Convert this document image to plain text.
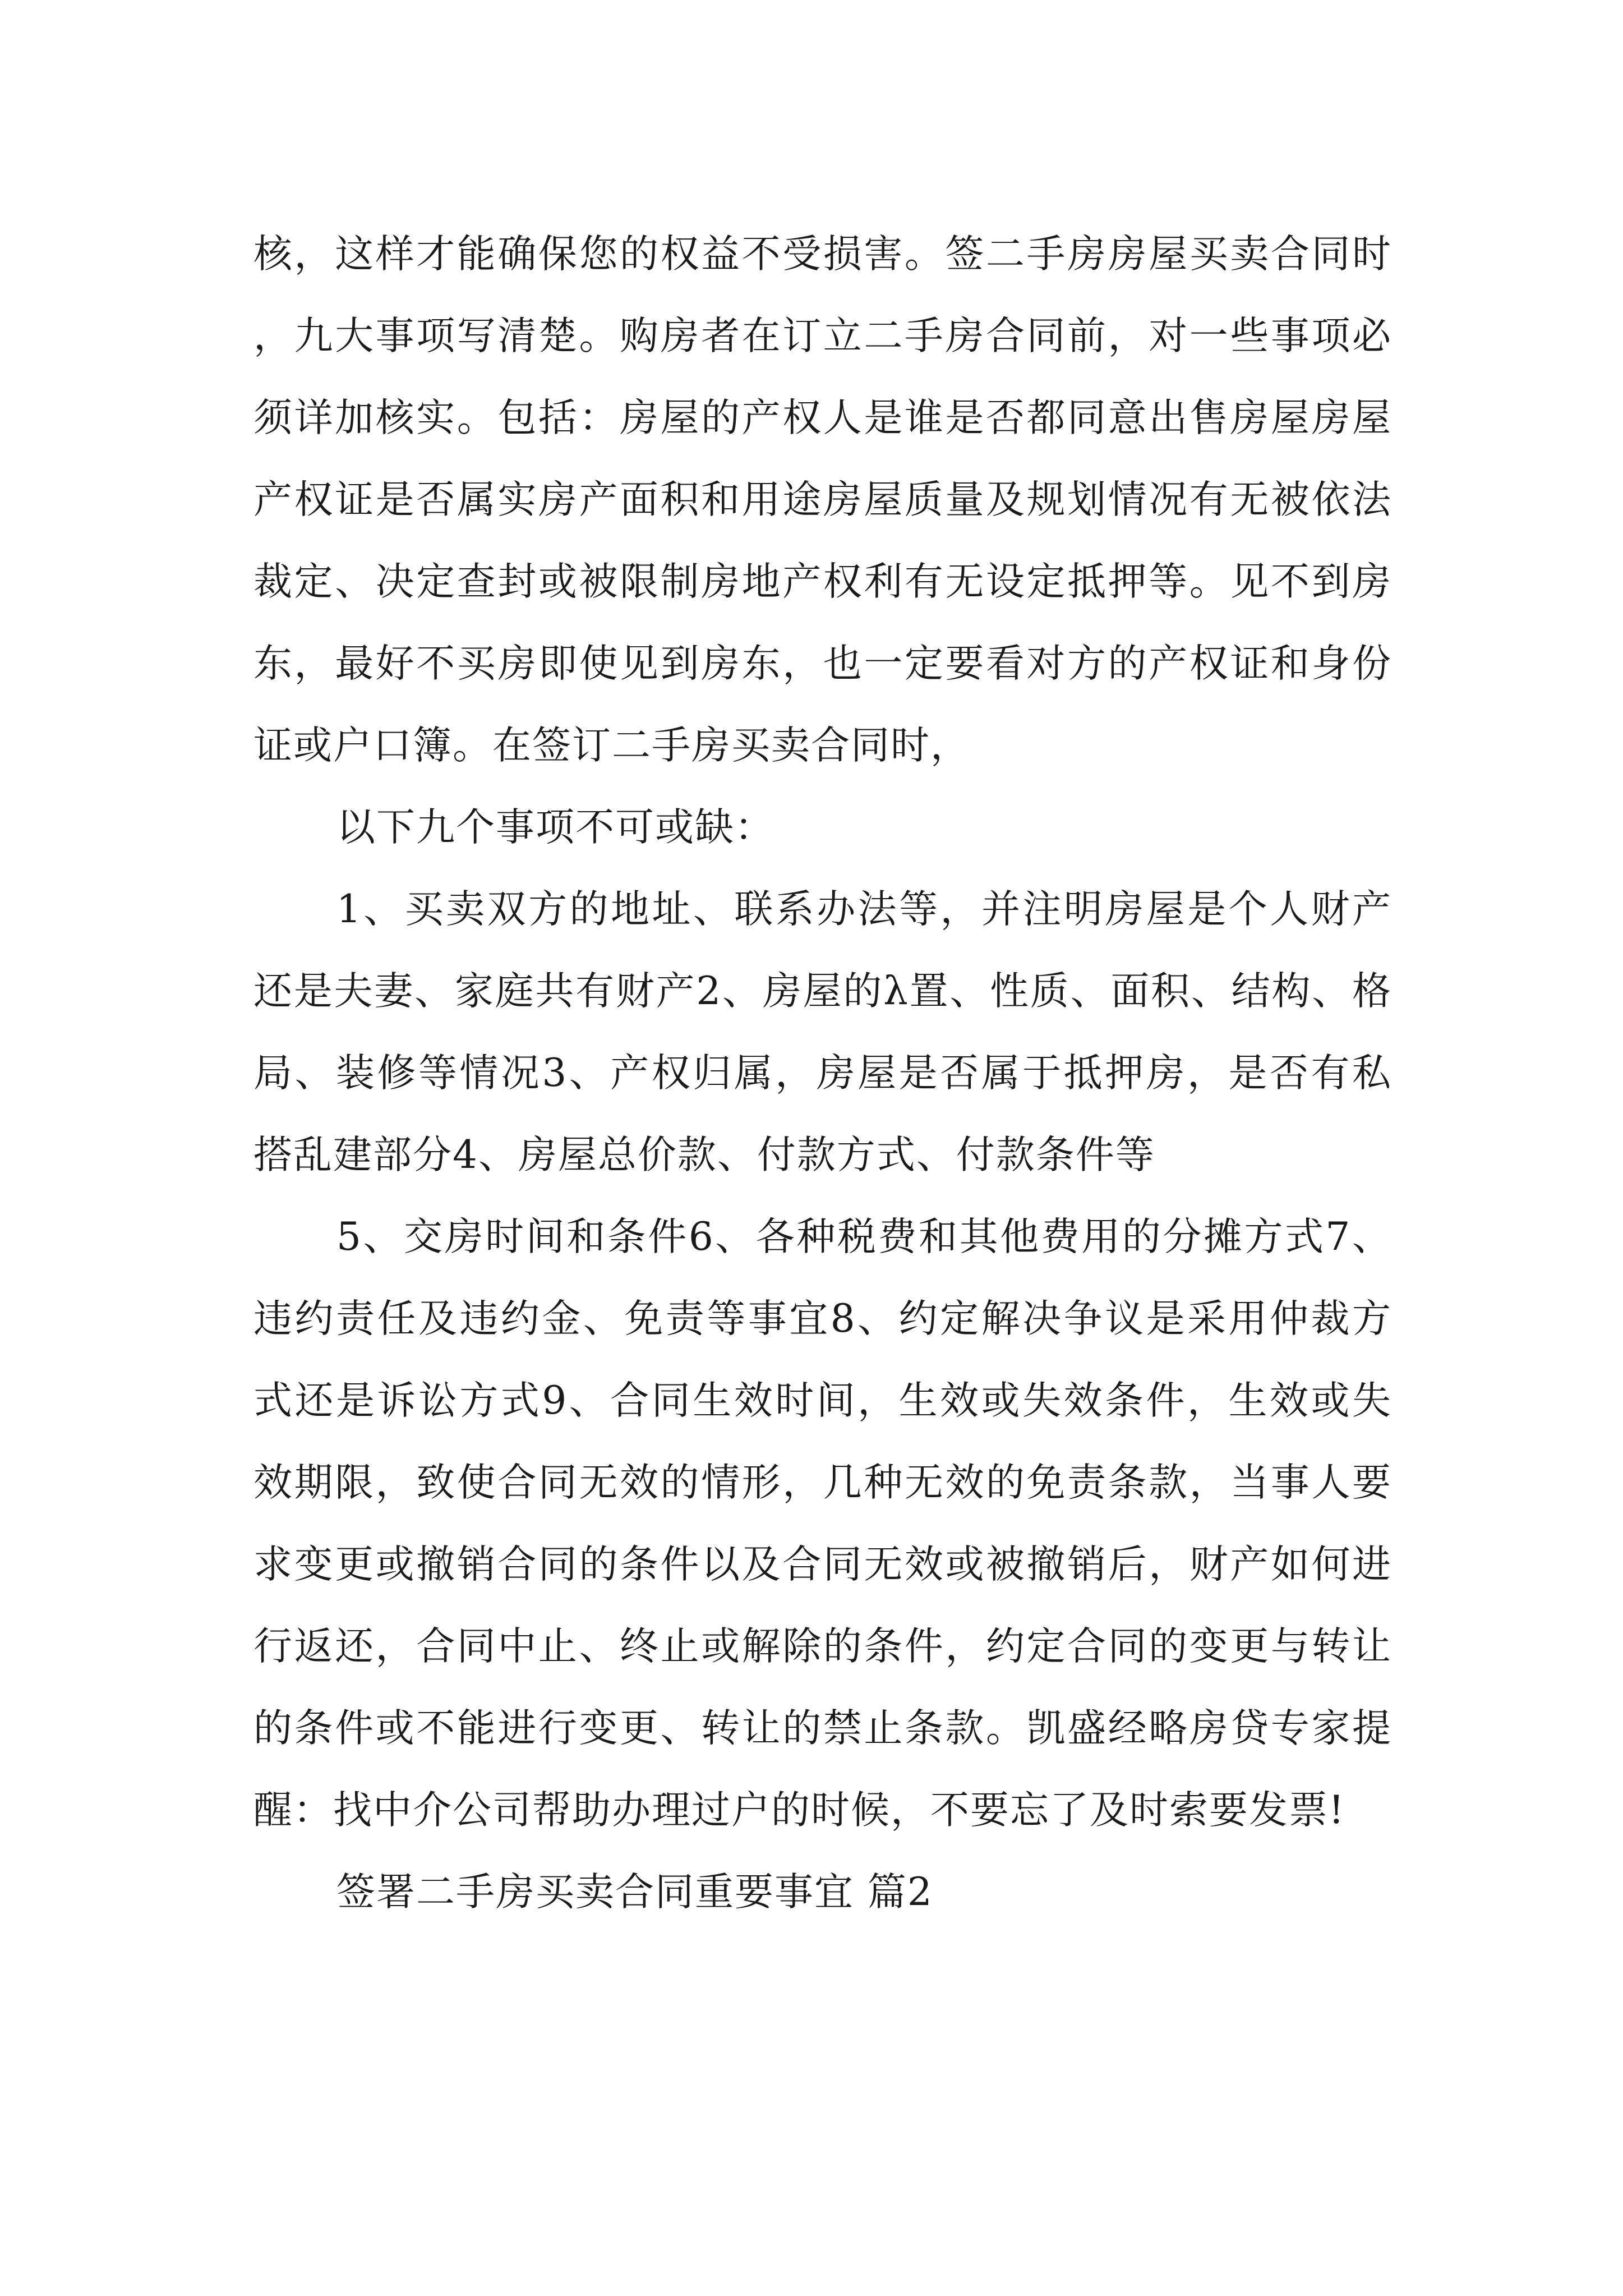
核，这样才能确保您的权益不受损害。签二手房房屋买卖合同时，九大事项写清楚。购房者在订立二手房合同前，对一些事项必须详加核实。包括：房屋的产权人是谁是否都同意出售房屋房屋产权证是否属实房产面积和用途房屋质量及规划情况有无被依法裁定、决定查封或被限制房地产权利有无设定抵押等。见不到房东，最好不买房即使见到房东，也一定要看对方的产权证和身份证或户口簿。在签订二手房买卖合同时，

以下九个事项不可或缺：

1、买卖双方的地址、联系办法等，并注明房屋是个人财产还是夫妻、家庭共有财产2、房屋的λ置、性质、面积、结构、格局、装修等情况3、产权归属，房屋是否属于抵押房，是否有私搭乱建部分4、房屋总价款、付款方式、付款条件等

5、交房时间和条件6、各种税费和其他费用的分摊方式7、违约责任及违约金、免责等事宜8、约定解决争议是采用仲裁方式还是诉讼方式9、合同生效时间，生效或失效条件，生效或失效期限，致使合同无效的情形，几种无效的免责条款，当事人要求变更或撤销合同的条件以及合同无效或被撤销后，财产如何进行返还，合同中止、终止或解除的条件，约定合同的变更与转让的条件或不能进行变更、转让的禁止条款。凯盛经略房贷专家提醒：找中介公司帮助办理过户的时候，不要忘了及时索要发票!

签署二手房买卖合同重要事宜 篇2
